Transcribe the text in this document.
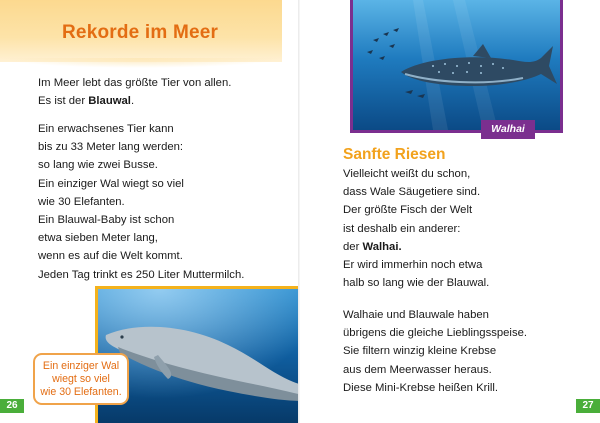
Rekorde im Meer
Im Meer lebt das größte Tier von allen.
Es ist der Blauwal.
Ein erwachsenes Tier kann
bis zu 33 Meter lang werden:
so lang wie zwei Busse.
Ein einziger Wal wiegt so viel
wie 30 Elefanten.
Ein Blauwal-Baby ist schon
etwa sieben Meter lang,
wenn es auf die Welt kommt.
Jeden Tag trinkt es 250 Liter Muttermilch.
Ein einziger Wal
wiegt so viel
wie 30 Elefanten.
26
Walhai
Sanfte Riesen
Vielleicht weißt du schon,
dass Wale Säugetiere sind.
Der größte Fisch der Welt
ist deshalb ein anderer:
der Walhai.
Er wird immerhin noch etwa
halb so lang wie der Blauwal.
Walhaie und Blauwale haben
übrigens die gleiche Lieblingsspeise.
Sie filtern winzig kleine Krebse
aus dem Meerwasser heraus.
Diese Mini-Krebse heißen Krill.
27
